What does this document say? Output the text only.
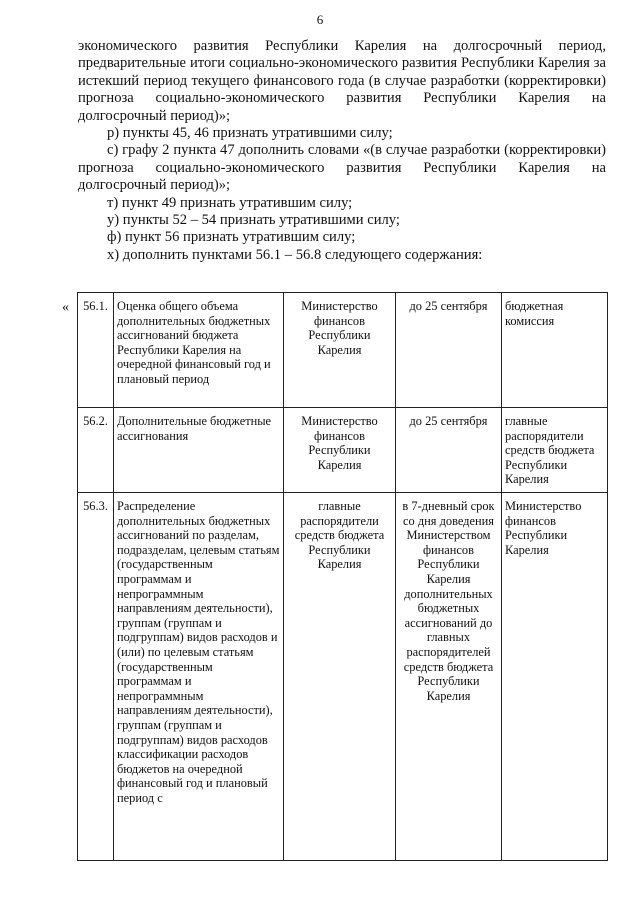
6

экономического развития Республики Карелия на долгосрочный период, предварительные итоги социально-экономического развития Республики Карелия за истекший период текущего финансового года (в случае разработки (корректировки) прогноза социально-экономического развития Республики Карелия на долгосрочный период)»;

р) пункты 45, 46 признать утратившими силу;

с) графу 2 пункта 47 дополнить словами «(в случае разработки (корректировки) прогноза социально-экономического развития Республики Карелия на долгосрочный период)»;

т) пункт 49 признать утратившим силу;

у) пункты 52 – 54 признать утратившими силу;

ф) пункт 56 признать утратившим силу;

х) дополнить пунктами 56.1 – 56.8 следующего содержания:

« 56.1.	Оценка общего объема дополнительных бюджетных ассигнований бюджета Республики Карелия на очередной финансовый год и плановый период	Министерство финансов Республики Карелия	до 25 сентября	бюджетная комиссия
56.2.	Дополнительные бюджетные ассигнования	Министерство финансов Республики Карелия	до 25 сентября	главные распорядители средств бюджета Республики Карелия
56.3.	Распределение дополнительных бюджетных ассигнований по разделам, подразделам, целевым статьям (государственным программам и непрограммным направлениям деятельности), группам (группам и подгруппам) видов расходов и (или) по целевым статьям (государственным программам и непрограммным направлениям деятельности), группам (группам и подгруппам) видов расходов классификации расходов бюджетов на очередной финансовый год и плановый период с	главные распорядители средств бюджета Республики Карелия	в 7-дневный срок со дня доведения Министерством финансов Республики Карелия дополнительных бюджетных ассигнований до главных распорядителей средств бюджета Республики Карелия	Министерство финансов Республики Карелия
